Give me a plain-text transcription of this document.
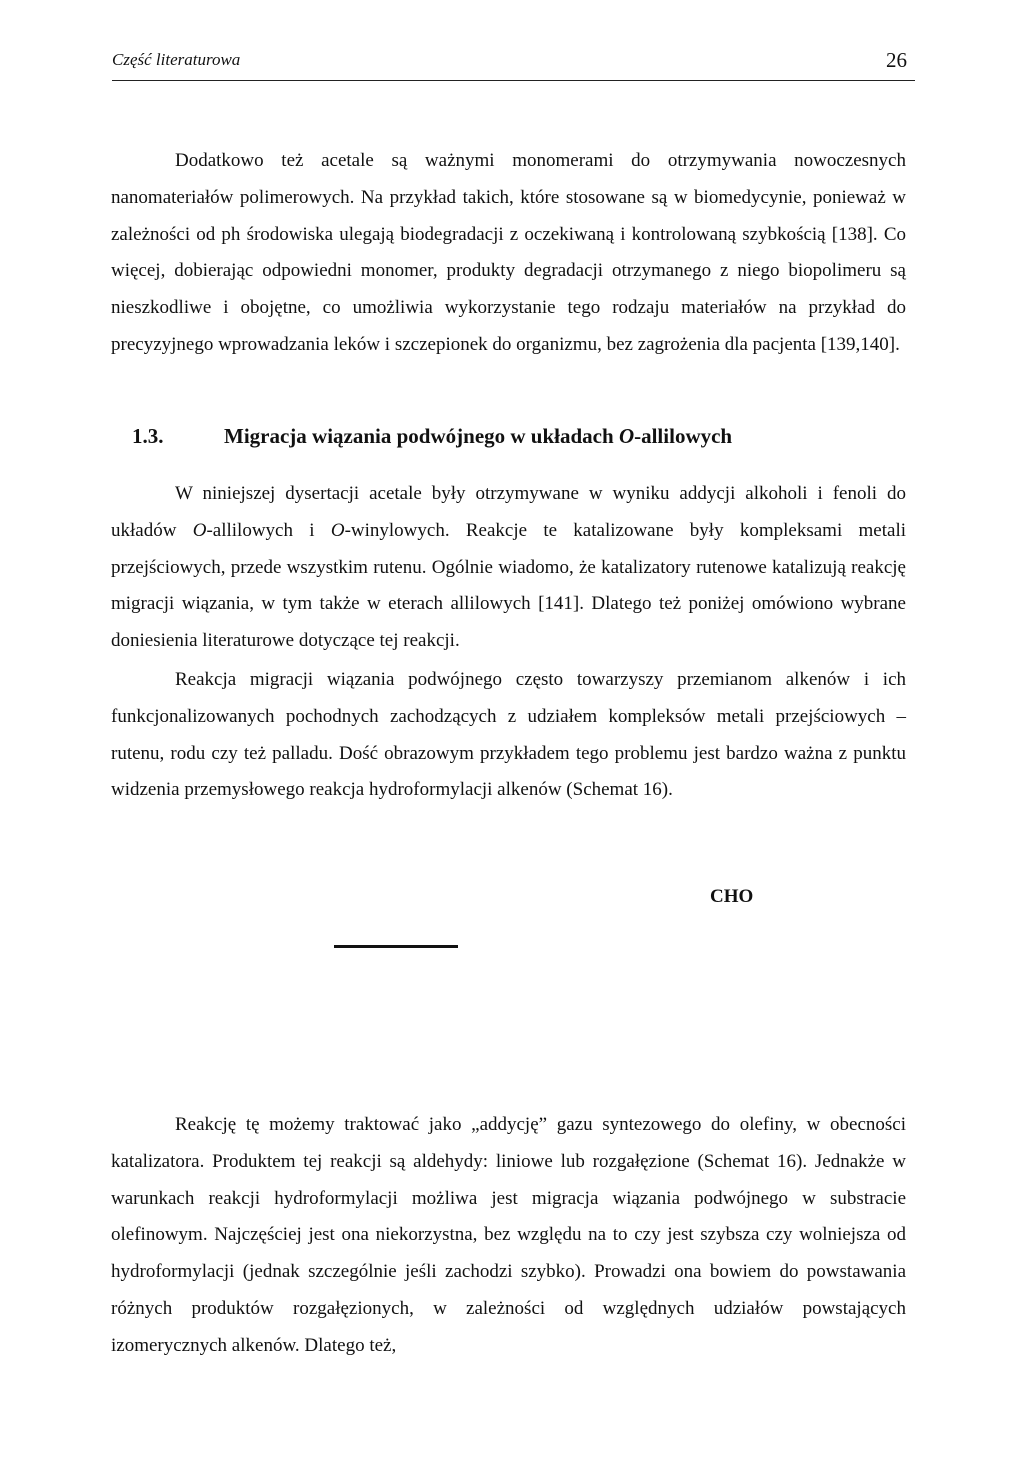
Część literaturowa	26

Dodatkowo też acetale są ważnymi monomerami do otrzymywania nowoczesnych nanomateriałów polimerowych. Na przykład takich, które stosowane są w biomedycynie, ponieważ w zależności od ph środowiska ulegają biodegradacji z oczekiwaną i kontrolowaną szybkością [138]. Co więcej, dobierając odpowiedni monomer, produkty degradacji otrzymanego z niego biopolimeru są nieszkodliwe i obojętne, co umożliwia wykorzystanie tego rodzaju materiałów na przykład do precyzyjnego wprowadzania leków i szczepionek do organizmu, bez zagrożenia dla pacjenta [139,140].

1.3.	Migracja wiązania podwójnego w układach O-allilowych

W niniejszej dysertacji acetale były otrzymywane w wyniku addycji alkoholi i fenoli do układów O-allilowych i O-winylowych. Reakcje te katalizowane były kompleksami metali przejściowych, przede wszystkim rutenu. Ogólnie wiadomo, że katalizatory rutenowe katalizują reakcję migracji wiązania, w tym także w eterach allilowych [141]. Dlatego też poniżej omówiono wybrane doniesienia literaturowe dotyczące tej reakcji.

Reakcja migracji wiązania podwójnego często towarzyszy przemianom alkenów i ich funkcjonalizowanych pochodnych zachodzących z udziałem kompleksów metali przejściowych – rutenu, rodu czy też palladu. Dość obrazowym przykładem tego problemu jest bardzo ważna z punktu widzenia przemysłowego reakcja hydroformylacji alkenów (Schemat 16).

CHO

Reakcję tę możemy traktować jako „addycję” gazu syntezowego do olefiny, w obecności katalizatora. Produktem tej reakcji są aldehydy: liniowe lub rozgałęzione (Schemat 16). Jednakże w warunkach reakcji hydroformylacji możliwa jest migracja wiązania podwójnego w substracie olefinowym. Najczęściej jest ona niekorzystna, bez względu na to czy jest szybsza czy wolniejsza od hydroformylacji (jednak szczególnie jeśli zachodzi szybko). Prowadzi ona bowiem do powstawania różnych produktów rozgałęzionych, w zależności od względnych udziałów powstających izomerycznych alkenów. Dlatego też,
